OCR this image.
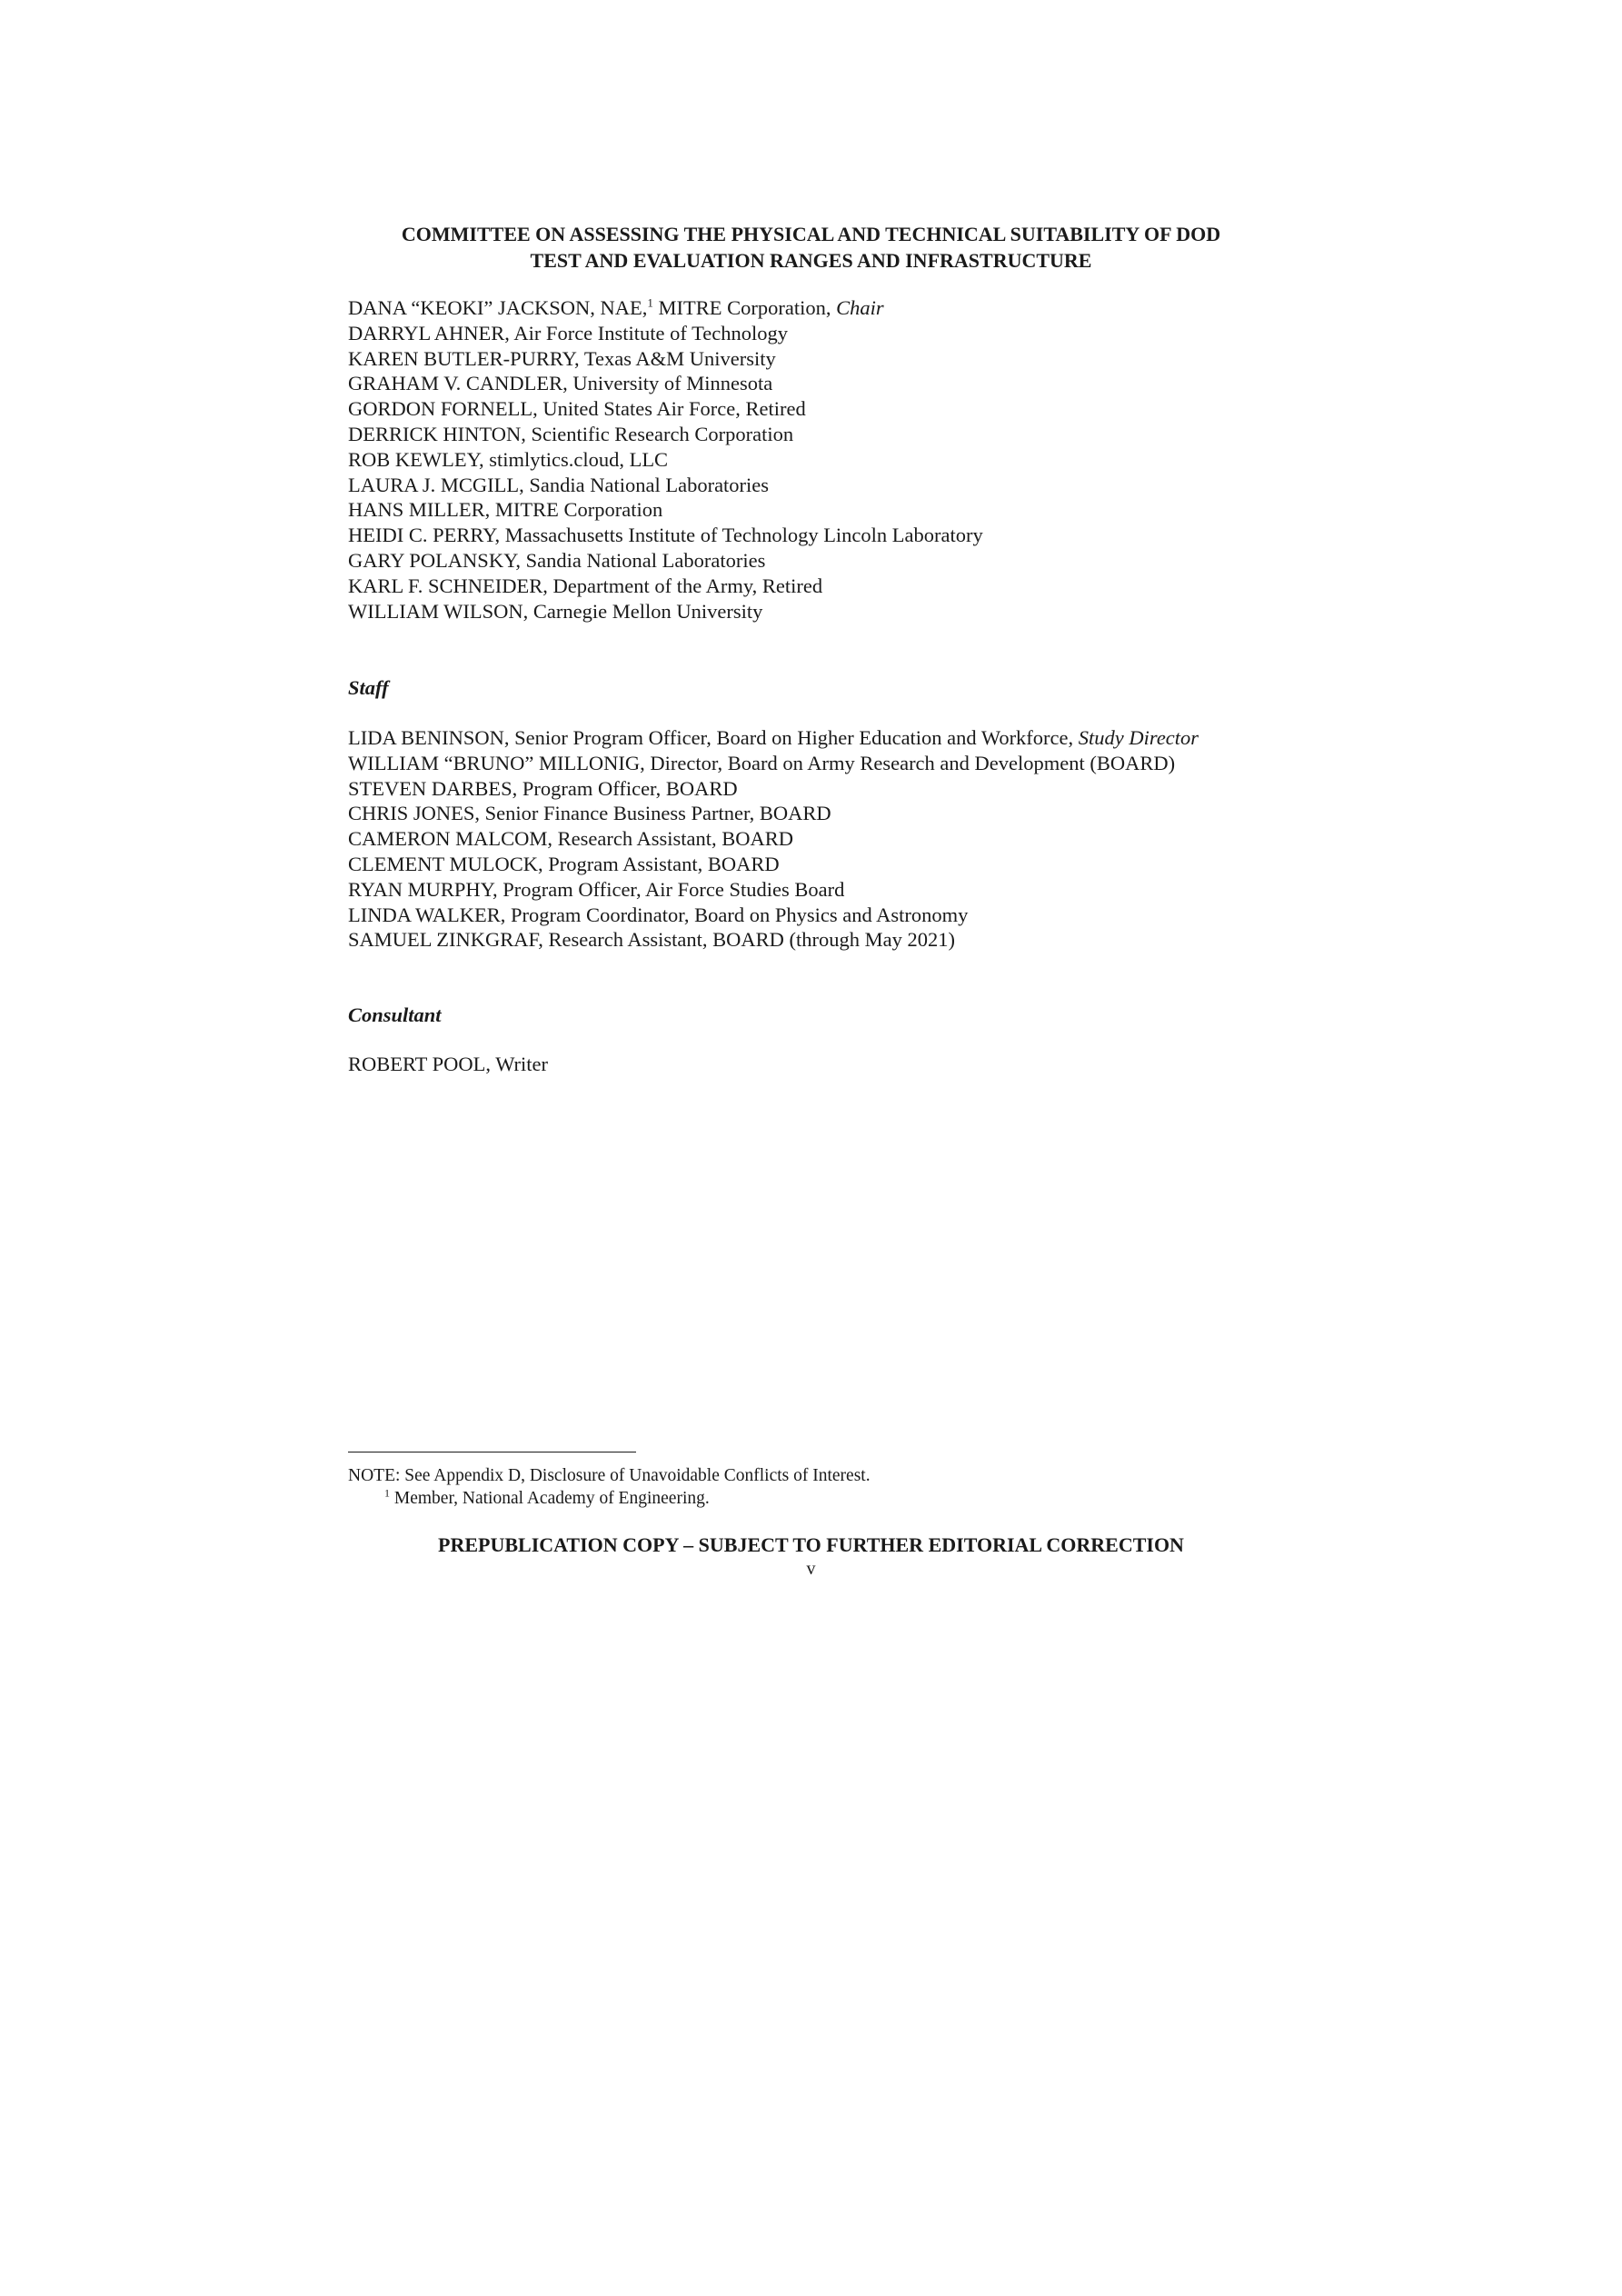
COMMITTEE ON ASSESSING THE PHYSICAL AND TECHNICAL SUITABILITY OF DOD
TEST AND EVALUATION RANGES AND INFRASTRUCTURE
DANA “KEOKI” JACKSON, NAE,$^1$ MITRE Corporation, Chair
DARRYL AHNER, Air Force Institute of Technology
KAREN BUTLER-PURRY, Texas A&M University
GRAHAM V. CANDLER, University of Minnesota
GORDON FORNELL, United States Air Force, Retired
DERRICK HINTON, Scientific Research Corporation
ROB KEWLEY, stimlytics.cloud, LLC
LAURA J. MCGILL, Sandia National Laboratories
HANS MILLER, MITRE Corporation
HEIDI C. PERRY, Massachusetts Institute of Technology Lincoln Laboratory
GARY POLANSKY, Sandia National Laboratories
KARL F. SCHNEIDER, Department of the Army, Retired
WILLIAM WILSON, Carnegie Mellon University
Staff
LIDA BENINSON, Senior Program Officer, Board on Higher Education and Workforce, Study Director
WILLIAM “BRUNO” MILLONIG, Director, Board on Army Research and Development (BOARD)
STEVEN DARBES, Program Officer, BOARD
CHRIS JONES, Senior Finance Business Partner, BOARD
CAMERON MALCOM, Research Assistant, BOARD
CLEMENT MULOCK, Program Assistant, BOARD
RYAN MURPHY, Program Officer, Air Force Studies Board
LINDA WALKER, Program Coordinator, Board on Physics and Astronomy
SAMUEL ZINKGRAF, Research Assistant, BOARD (through May 2021)
Consultant
ROBERT POOL, Writer
NOTE: See Appendix D, Disclosure of Unavoidable Conflicts of Interest.
$^1$ Member, National Academy of Engineering.
PREPUBLICATION COPY – SUBJECT TO FURTHER EDITORIAL CORRECTION
v
